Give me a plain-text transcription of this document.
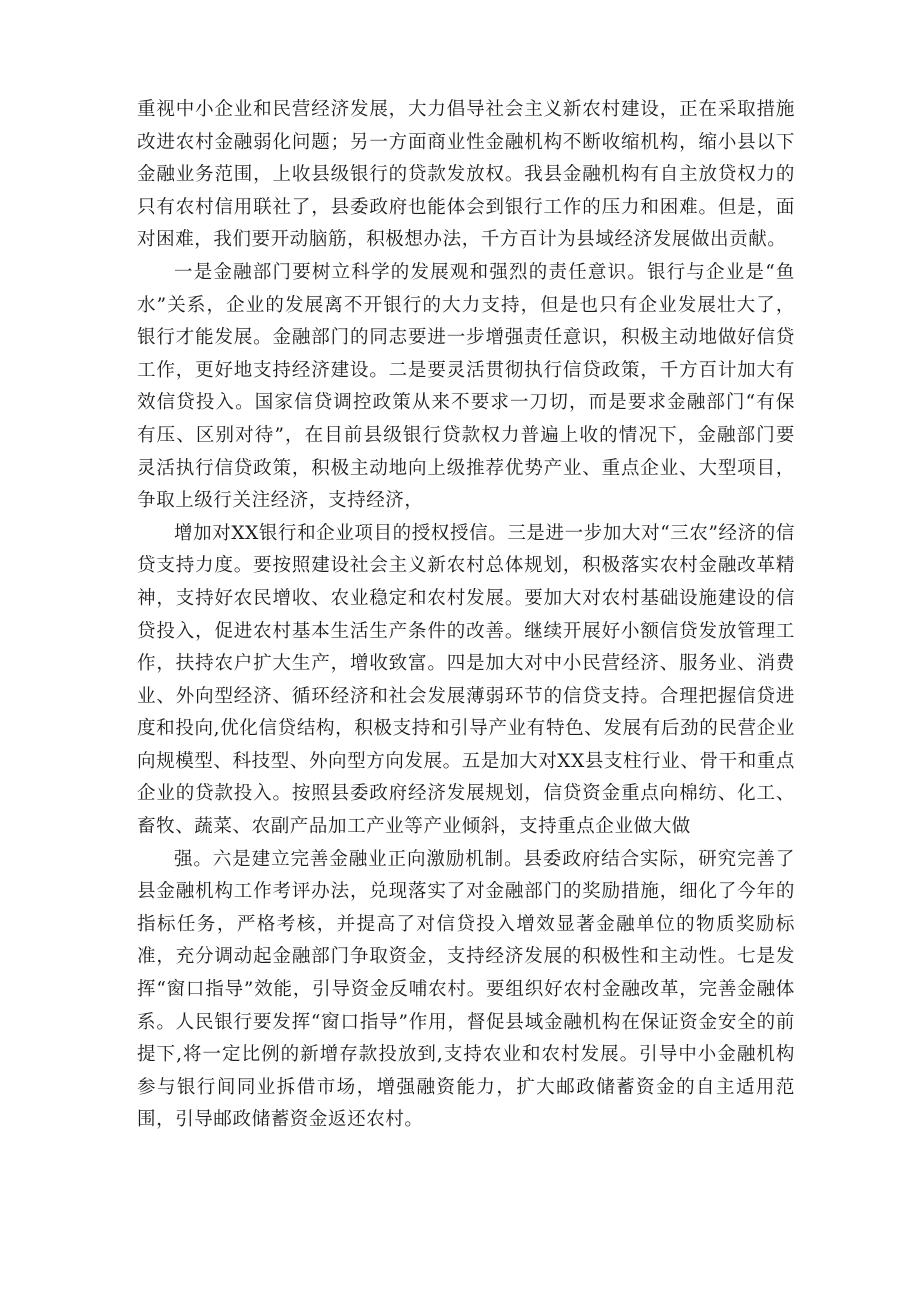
重视中小企业和民营经济发展，大力倡导社会主义新农村建设，正在采取措施改进农村金融弱化问题；另一方面商业性金融机构不断收缩机构，缩小县以下金融业务范围，上收县级银行的贷款发放权。我县金融机构有自主放贷权力的只有农村信用联社了，县委政府也能体会到银行工作的压力和困难。但是，面对困难，我们要开动脑筋，积极想办法，千方百计为县域经济发展做出贡献。

一是金融部门要树立科学的发展观和强烈的责任意识。银行与企业是“鱼水”关系，企业的发展离不开银行的大力支持，但是也只有企业发展壮大了，银行才能发展。金融部门的同志要进一步增强责任意识，积极主动地做好信贷工作，更好地支持经济建设。二是要灵活贯彻执行信贷政策，千方百计加大有效信贷投入。国家信贷调控政策从来不要求一刀切，而是要求金融部门“有保有压、区别对待”，在目前县级银行贷款权力普遍上收的情况下，金融部门要灵活执行信贷政策，积极主动地向上级推荐优势产业、重点企业、大型项目，争取上级行关注经济，支持经济，

增加对XX银行和企业项目的授权授信。三是进一步加大对“三农”经济的信贷支持力度。要按照建设社会主义新农村总体规划，积极落实农村金融改革精神，支持好农民增收、农业稳定和农村发展。要加大对农村基础设施建设的信贷投入，促进农村基本生活生产条件的改善。继续开展好小额信贷发放管理工作，扶持农户扩大生产，增收致富。四是加大对中小民营经济、服务业、消费业、外向型经济、循环经济和社会发展薄弱环节的信贷支持。合理把握信贷进度和投向,优化信贷结构，积极支持和引导产业有特色、发展有后劲的民营企业向规模型、科技型、外向型方向发展。五是加大对XX县支柱行业、骨干和重点企业的贷款投入。按照县委政府经济发展规划，信贷资金重点向棉纺、化工、畜牧、蔬菜、农副产品加工产业等产业倾斜，支持重点企业做大做

强。六是建立完善金融业正向激励机制。县委政府结合实际，研究完善了县金融机构工作考评办法，兑现落实了对金融部门的奖励措施，细化了今年的指标任务，严格考核，并提高了对信贷投入增效显著金融单位的物质奖励标准，充分调动起金融部门争取资金，支持经济发展的积极性和主动性。七是发挥“窗口指导”效能，引导资金反哺农村。要组织好农村金融改革，完善金融体系。人民银行要发挥“窗口指导”作用，督促县域金融机构在保证资金安全的前提下,将一定比例的新增存款投放到,支持农业和农村发展。引导中小金融机构参与银行间同业拆借市场，增强融资能力，扩大邮政储蓄资金的自主适用范围，引导邮政储蓄资金返还农村。
